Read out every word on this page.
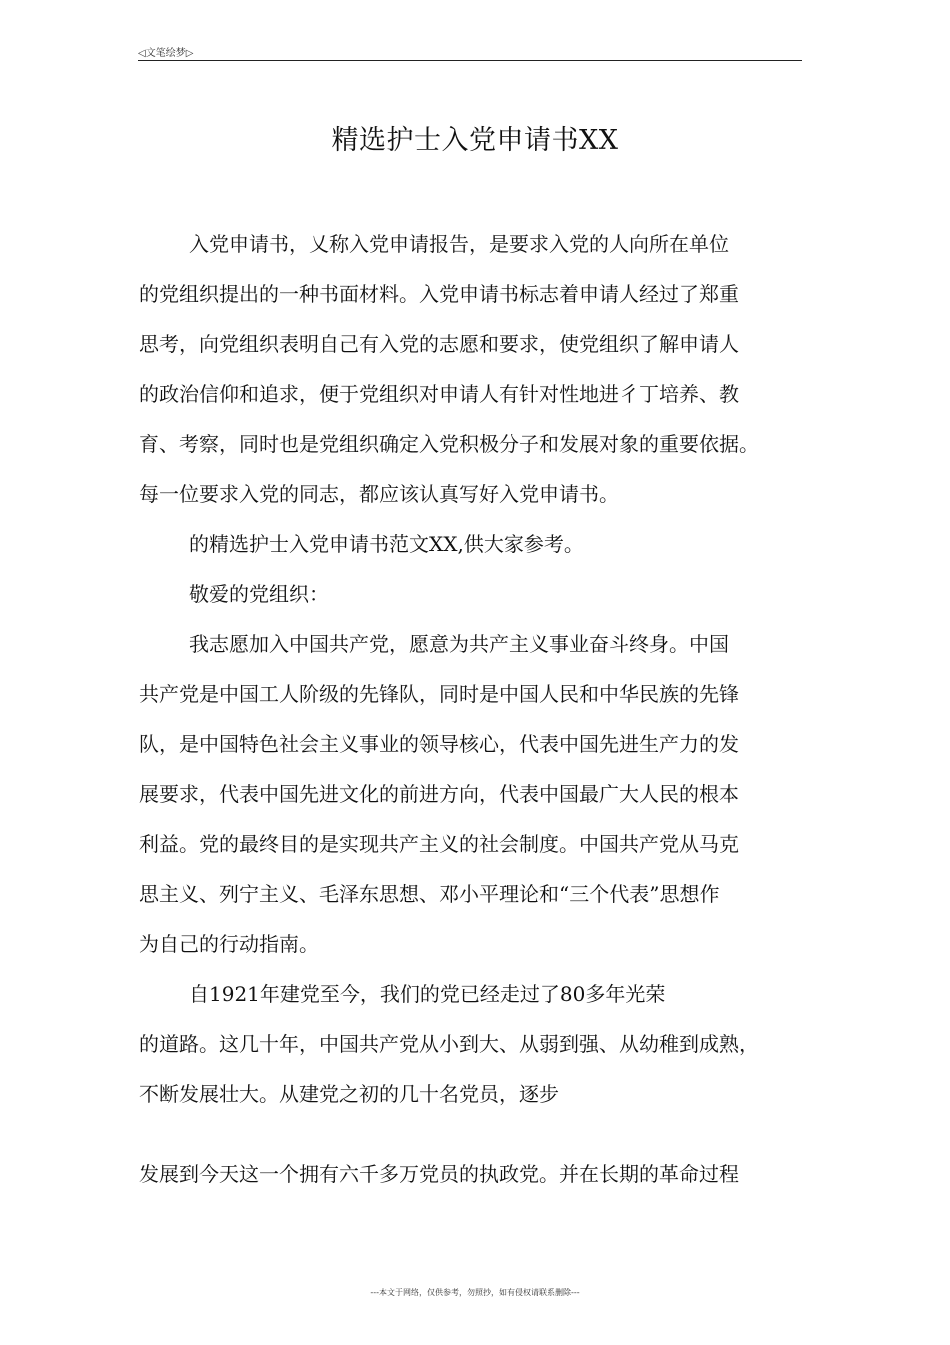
◁文笔绘梦▷
精选护士入党申请书XX
入党申请书，乂称入党申请报告，是要求入党的人向所在单位
的党组织提出的一种书面材料。入党申请书标志着申请人经过了郑重
思考，向党组织表明自己有入党的志愿和要求，使党组织了解申请人
的政治信仰和追求，便于党组织对申请人有针对性地进彳丁培养、教
育、考察，同时也是党组织确定入党积极分子和发展对象的重要依据。
每一位要求入党的同志，都应该认真写好入党申请书。
的精选护士入党申请书范文XX,供大家参考。
敬爱的党组织：
我志愿加入中国共产党，愿意为共产主义事业奋斗终身。中国
共产党是中国工人阶级的先锋队，同时是中国人民和中华民族的先锋
队，是中国特色社会主义事业的领导核心，代表中国先进生产力的发
展要求，代表中国先进文化的前进方向，代表中国最广大人民的根本
利益。党的最终目的是实现共产主义的社会制度。中国共产党从马克
思主义、列宁主义、毛泽东思想、邓小平理论和“三个代表”思想作
为自己的行动指南。
自1921年建党至今，我们的党已经走过了80多年光荣
的道路。这几十年，中国共产党从小到大、从弱到强、从幼稚到成熟，
不断发展壮大。从建党之初的几十名党员，逐步
发展到今天这一个拥有六千多万党员的执政党。并在长期的革命过程
---本文于网络，仅供参考，勿照抄，如有侵权请联系删除---
